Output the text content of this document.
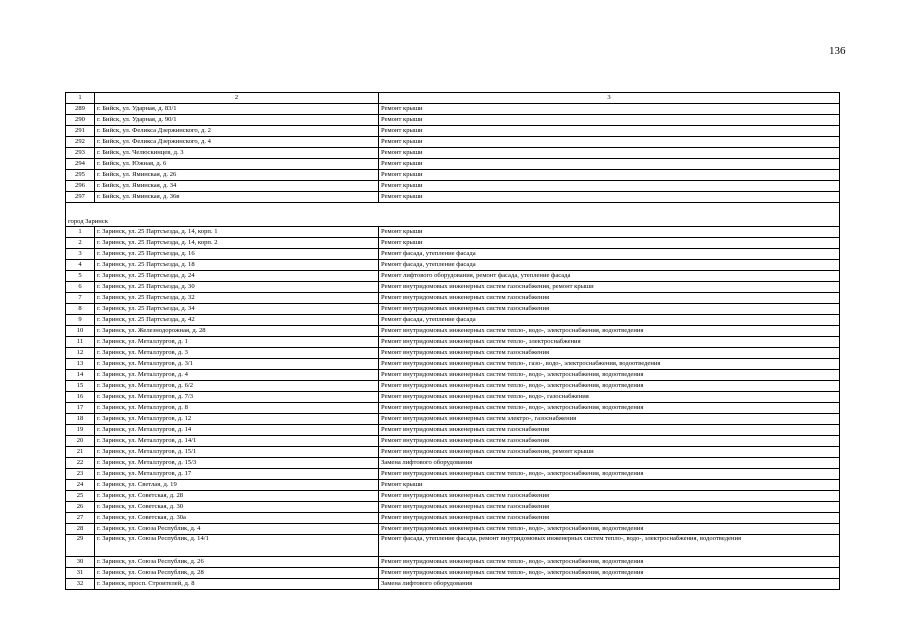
136
1	2	3
289	г. Бийск, ул. Ударная, д. 83/1	Ремонт крыши
290	г. Бийск, ул. Ударная, д. 90/1	Ремонт крыши
291	г. Бийск, ул. Феликса Дзержинского, д. 2	Ремонт крыши
292	г. Бийск, ул. Феликса Дзержинского, д. 4	Ремонт крыши
293	г. Бийск, ул. Челюскинцев, д. 3	Ремонт крыши
294	г. Бийск, ул. Южная, д. 6	Ремонт крыши
295	г. Бийск, ул. Яминская, д. 26	Ремонт крыши
296	г. Бийск, ул. Яминская, д. 34	Ремонт крыши
297	г. Бийск, ул. Яминская, д. 36в	Ремонт крыши

город Заринск		
1	г. Заринск, ул. 25 Партсъезда, д. 14, корп. 1	Ремонт крыши
2	г. Заринск, ул. 25 Партсъезда, д. 14, корп. 2	Ремонт крыши
3	г. Заринск, ул. 25 Партсъезда, д. 16	Ремонт фасада, утепление фасада
4	г. Заринск, ул. 25 Партсъезда, д. 18	Ремонт фасада, утепление фасада
5	г. Заринск, ул. 25 Партсъезда, д. 24	Ремонт лифтового оборудования, ремонт фасада, утепление фасада
6	г. Заринск, ул. 25 Партсъезда, д. 30	Ремонт внутридомовых инженерных систем газоснабжения, ремонт крыши
7	г. Заринск, ул. 25 Партсъезда, д. 32	Ремонт внутридомовых инженерных систем газоснабжения
8	г. Заринск, ул. 25 Партсъезда, д. 34	Ремонт внутридомовых инженерных систем газоснабжения
9	г. Заринск, ул. 25 Партсъезда, д. 42	Ремонт фасада, утепление фасада
10	г. Заринск, ул. Железнодорожная, д. 28	Ремонт внутридомовых инженерных систем тепло-, водо-, электроснабжения, водоотведения
11	г. Заринск, ул. Металлургов, д. 1	Ремонт внутридомовых инженерных систем тепло-, электроснабжения
12	г. Заринск, ул. Металлургов, д. 3	Ремонт внутридомовых инженерных систем газоснабжения
13	г. Заринск, ул. Металлургов, д. 3/1	Ремонт внутридомовых инженерных систем тепло-, газо-, водо-, электроснабжения, водоотведения
14	г. Заринск, ул. Металлургов, д. 4	Ремонт внутридомовых инженерных систем тепло-, водо-, электроснабжения, водоотведения
15	г. Заринск, ул. Металлургов, д. 6/2	Ремонт внутридомовых инженерных систем тепло-, водо-, электроснабжения, водоотведения
16	г. Заринск, ул. Металлургов, д. 7/3	Ремонт внутридомовых инженерных систем тепло-, водо-, газоснабжения
17	г. Заринск, ул. Металлургов, д. 8	Ремонт внутридомовых инженерных систем тепло-, водо-, электроснабжения, водоотведения
18	г. Заринск, ул. Металлургов, д. 12	Ремонт внутридомовых инженерных систем электро-, газоснабжения
19	г. Заринск, ул. Металлургов, д. 14	Ремонт внутридомовых инженерных систем газоснабжения
20	г. Заринск, ул. Металлургов, д. 14/1	Ремонт внутридомовых инженерных систем газоснабжения
21	г. Заринск, ул. Металлургов, д. 15/1	Ремонт внутридомовых инженерных систем газоснабжения, ремонт крыши
22	г. Заринск, ул. Металлургов, д. 15/3	Замена лифтового оборудования
23	г. Заринск, ул. Металлургов, д. 17	Ремонт внутридомовых инженерных систем тепло-, водо-, электроснабжения, водоотведения
24	г. Заринск, ул. Светлая, д. 19	Ремонт крыши
25	г. Заринск, ул. Советская, д. 28	Ремонт внутридомовых инженерных систем газоснабжения
26	г. Заринск, ул. Советская, д. 30	Ремонт внутридомовых инженерных систем газоснабжения
27	г. Заринск, ул. Советская, д. 30а	Ремонт внутридомовых инженерных систем газоснабжения
28	г. Заринск, ул. Союза Республик, д. 4	Ремонт внутридомовых инженерных систем тепло-, водо-, электроснабжения, водоотведения
29	г. Заринск, ул. Союза Республик, д. 14/1	Ремонт фасада, утепление фасада, ремонт внутридомовых инженерных систем тепло-, водо-, электроснабжения, водоотведения
30	г. Заринск, ул. Союза Республик, д. 26	Ремонт внутридомовых инженерных систем тепло-, водо-, электроснабжения, водоотведения
31	г. Заринск, ул. Союза Республик, д. 28	Ремонт внутридомовых инженерных систем тепло-, водо-, электроснабжения, водоотведения
32	г. Заринск, просп. Строителей, д. 8	Замена лифтового оборудования
